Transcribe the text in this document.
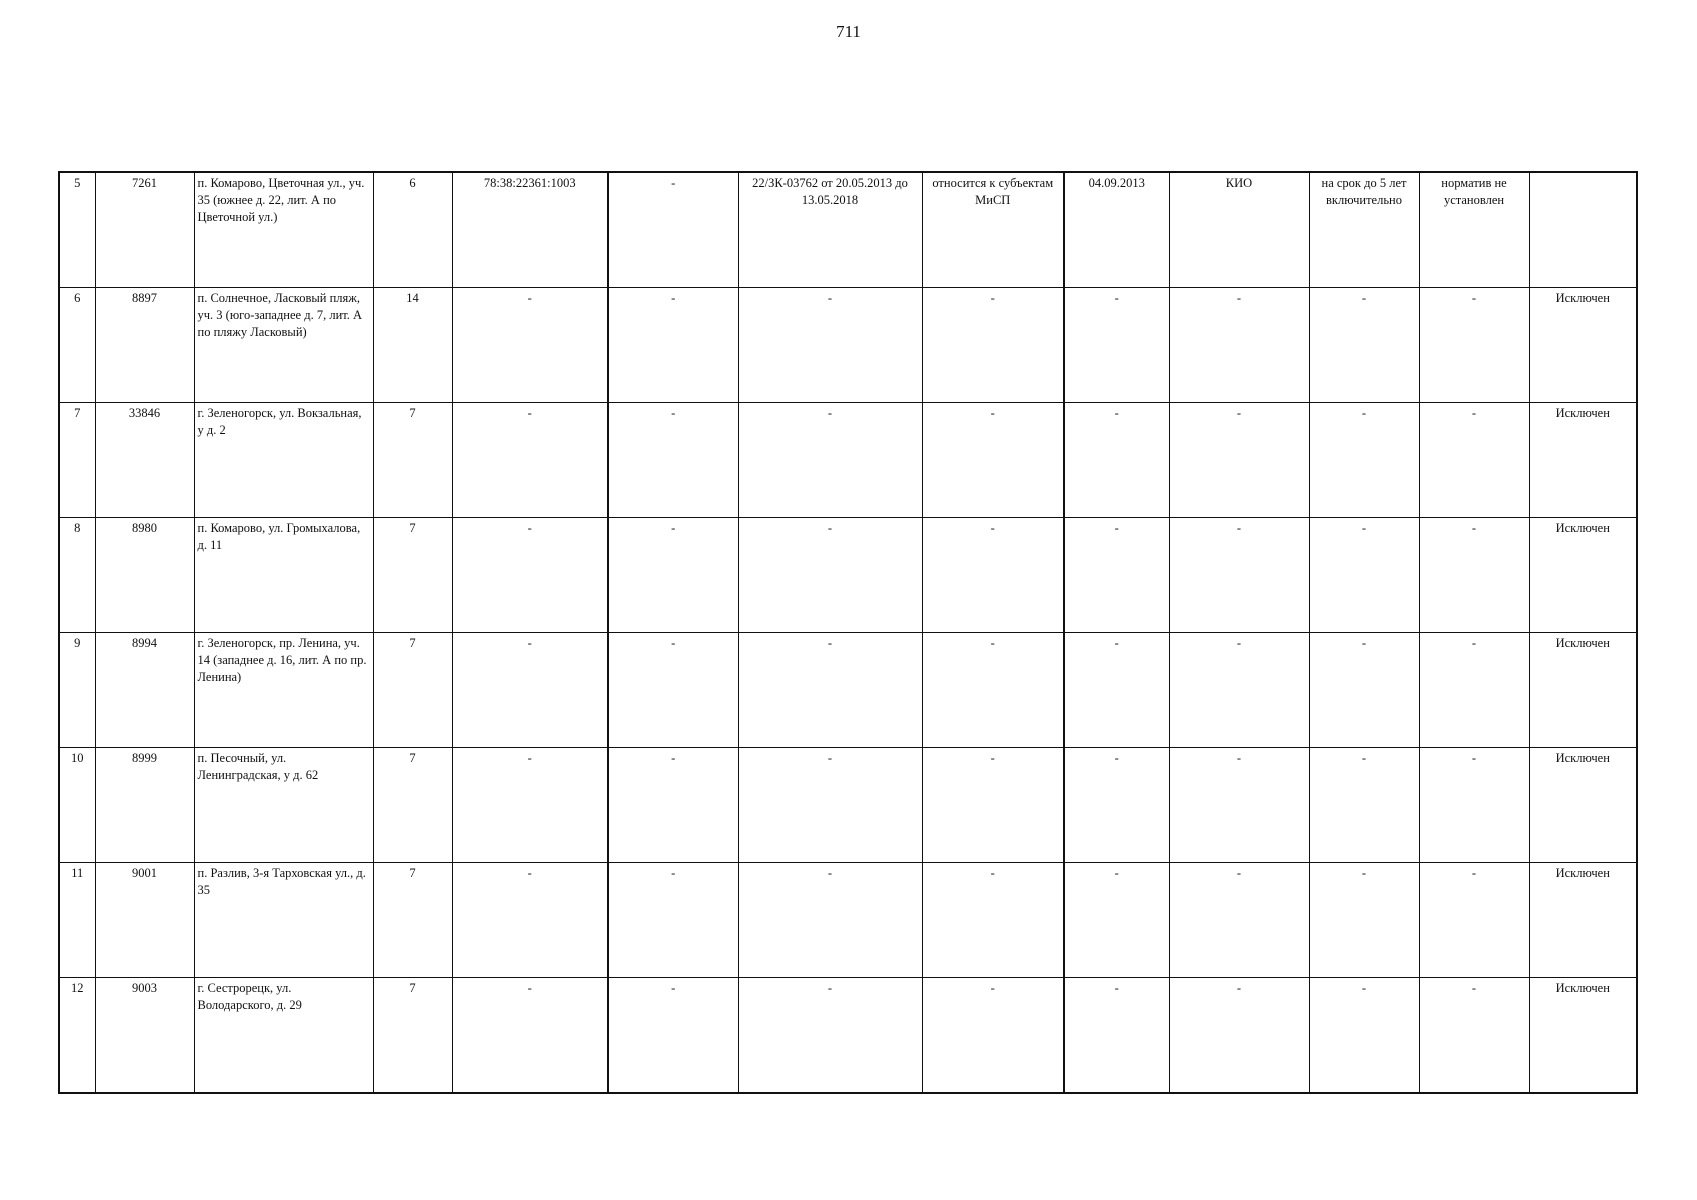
711
5	7261	п. Комарово, Цветочная ул., уч. 35 (южнее д. 22, лит. А по Цветочной ул.)	6	78:38:22361:1003	-	22/ЗК-03762 от 20.05.2013 до 13.05.2018	относится к субъектам МиСП	04.09.2013	КИО	на срок до 5 лет включительно	норматив не установлен	
6	8897	п. Солнечное, Ласковый пляж, уч. 3 (юго-западнее д. 7, лит. А по пляжу Ласковый)	14	-	-	-	-	-	-	-	-	Исключен
7	33846	г. Зеленогорск, ул. Вокзальная, у д. 2	7	-	-	-	-	-	-	-	-	Исключен
8	8980	п. Комарово, ул. Громыхалова, д. 11	7	-	-	-	-	-	-	-	-	Исключен
9	8994	г. Зеленогорск, пр. Ленина, уч. 14 (западнее д. 16, лит. А по пр. Ленина)	7	-	-	-	-	-	-	-	-	Исключен
10	8999	п. Песочный, ул. Ленинградская, у д. 62	7	-	-	-	-	-	-	-	-	Исключен
11	9001	п. Разлив, 3-я Тарховская ул., д. 35	7	-	-	-	-	-	-	-	-	Исключен
12	9003	г. Сестрорецк, ул. Володарского, д. 29	7	-	-	-	-	-	-	-	-	Исключен
